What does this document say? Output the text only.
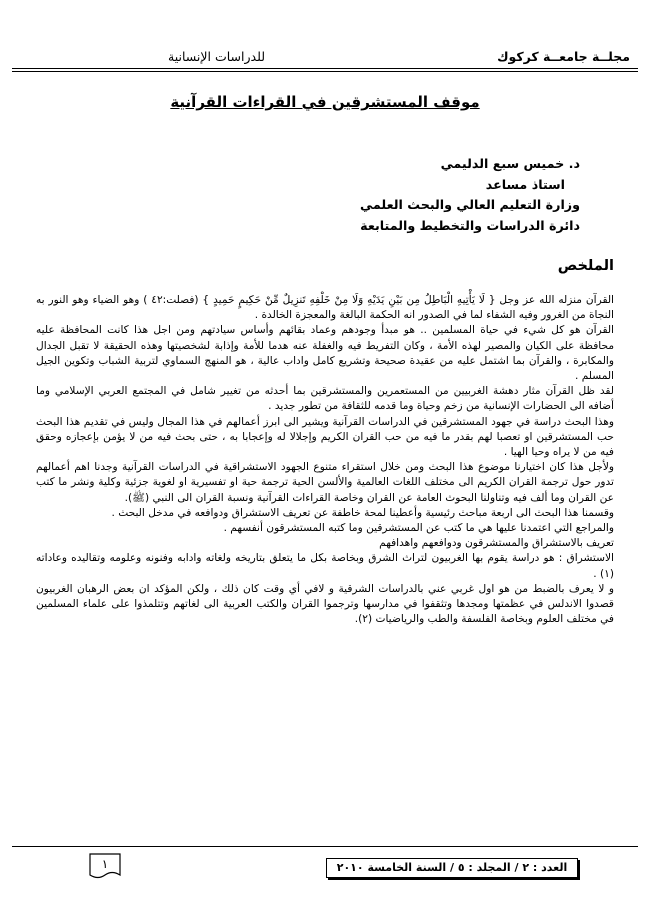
مجلــة جامعــة كركوك
للدراسات الإنسانية
موقف المستشرقين في القراءات القرآنية
د. خميس سبع الدليمي
استاذ مساعد
وزارة التعليم العالي والبحث العلمي
دائرة الدراسات والتخطيط والمتابعة
الملخص

القرآن منزله الله عز وجل { لَا يَأْتِيهِ الْبَاطِلُ مِن بَيْنِ يَدَيْهِ وَلَا مِنْ خَلْفِهِ تَنزِيلٌ مِّنْ حَكِيمٍ حَمِيدٍ } (فصلت:٤٢ ) وهو الضياء وهو النور به النجاة من الغرور وفيه الشفاء لما في الصدور انه الحكمة البالغة والمعجزة الخالدة .

القرآن هو كل شيء في حياة المسلمين .. هو مبدأ وجودهم وعماد بقائهم وأساس سيادتهم ومن اجل هذا كانت المحافظة عليه محافظة على الكيان والمصير لهذه الأمة ، وكان التفريط فيه والغفلة عنه هدما للأمة وإذابة لشخصيتها وهذه الحقيقة لا تقبل الجدال والمكابرة ، والقرآن بما اشتمل عليه من عقيدة صحيحة وتشريع كامل واداب عالية ، هو المنهج السماوي لتربية الشباب وتكوين الجيل المسلم .

لقد ظل القرآن مثار دهشة الغربيين من المستعمرين والمستشرقين بما أحدثه من تغيير شامل في المجتمع العربي الإسلامي وما أضافه الى الحضارات الإنسانية من زخم وحياة وما قدمه للثقافة من تطور جديد .

وهذا البحث دراسة في جهود المستشرقين في الدراسات القرآنية ويشير الى ابرز أعمالهم في هذا المجال وليس في تقديم هذا البحث حب المستشرقين او تعصبا لهم بقدر ما فيه من حب القران الكريم وإجلالا له وإعجابا به ، حتى بحث فيه من لا يؤمن بإعجازه وحقق فيه من لا يراه وحيا الهيا .

ولأجل هذا كان اختيارنا موضوع هذا البحث ومن خلال استقراء متنوع الجهود الاستشراقية في الدراسات القرآنية وجدنا اهم أعمالهم تدور حول ترجمة القران الكريم الى مختلف اللغات العالمية والألسن الحية ترجمة حية او تفسيرية او لغوية جزئية وكلية ونشر ما كتب عن القران وما ألف فيه وتناولنا البحوث العامة عن القران وخاصة القراءات القرآنية ونسبة القران الى النبي (ﷺ).

وقسمنا هذا البحث الى اربعة مباحث رئيسية وأعطينا لمحة خاطفة عن تعريف الاستشراق ودوافعه في مدخل البحث .

والمراجع التي اعتمدنا عليها هي ما كتب عن المستشرقين وما كتبه المستشرقون أنفسهم .

تعريف بالاستشراق والمستشرقون ودوافعهم واهدافهم

الاستشراق : هو دراسة يقوم بها الغربيون لتراث الشرق وبخاصة بكل ما يتعلق بتاريخه ولغاته وادابه وفنونه وعلومه وتقاليده وعاداته (١) .

و لا يعرف بالضبط من هو اول غربي عني بالدراسات الشرقية و لافي أي وقت كان ذلك ، ولكن المؤكد ان بعض الرهبان الغربيون قصدوا الاندلس في عظمتها ومجدها وتثقفوا في مدارسها وترجموا القران والكتب العربية الى لغاتهم وتتلمذوا على علماء المسلمين في مختلف العلوم وبخاصة الفلسفة والطب والرياضيات (٢).

١	العدد : ٢ / المجلد : ٥ / السنة الخامسة ٢٠١٠
